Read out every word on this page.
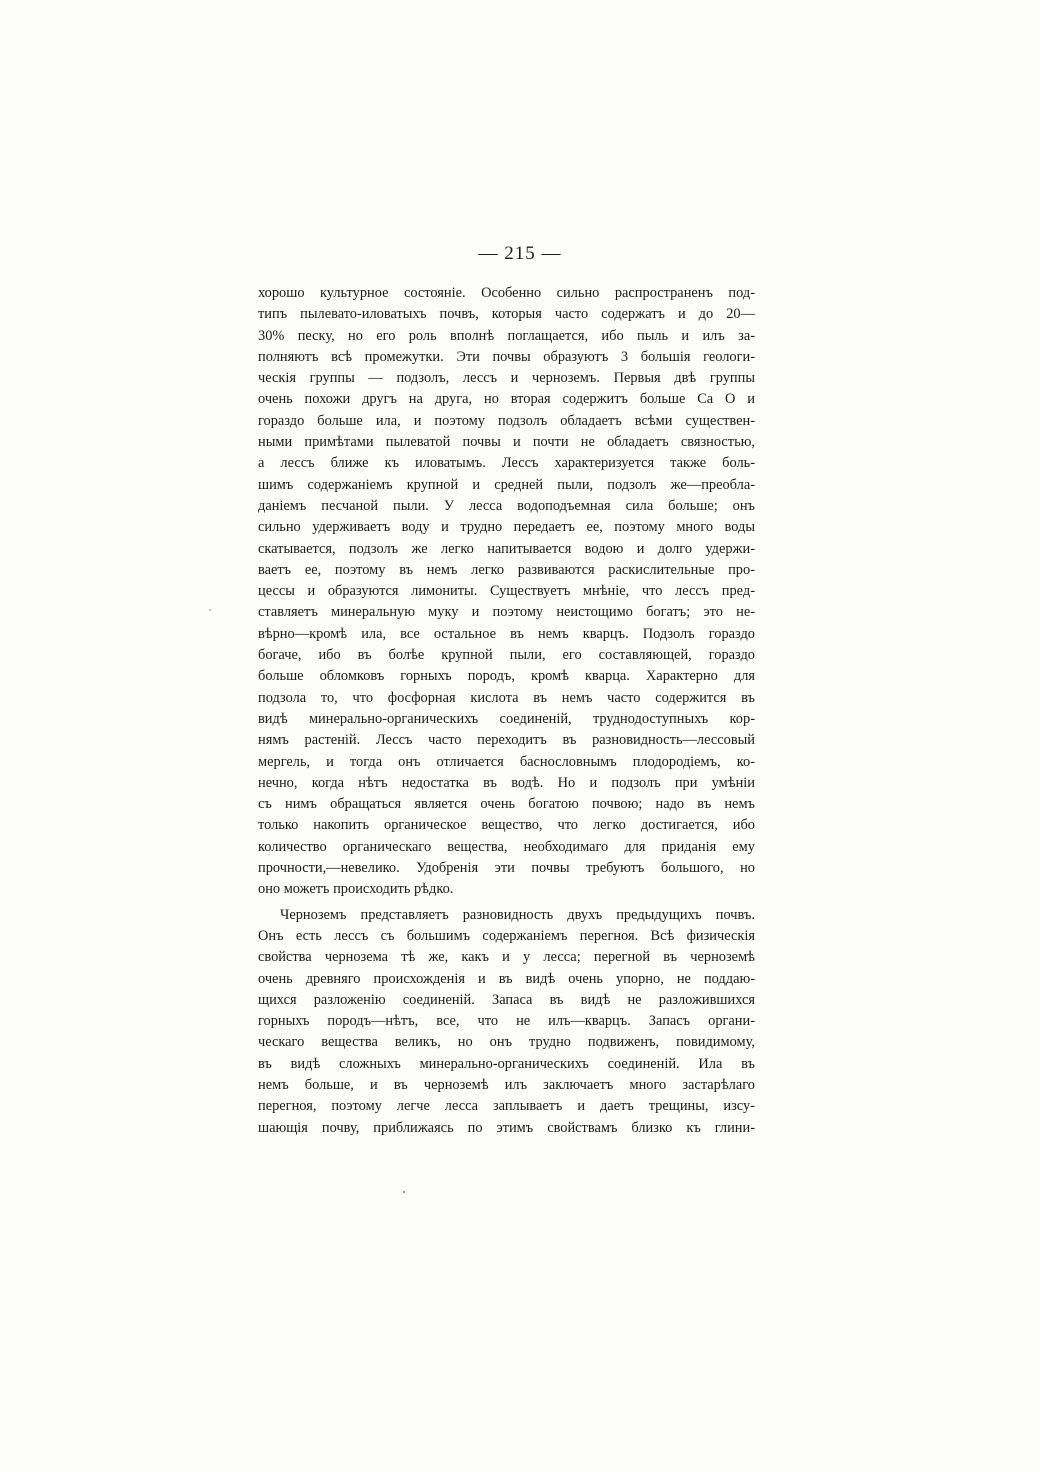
— 215 —
хорошо культурное состоянiе. Особенно сильно распространенъ под-
типъ пылевато-иловатыхъ почвъ, которыя часто содержатъ и до 20—
30% песку, но его роль вполнѣ поглащается, ибо пыль и илъ за-
полняютъ всѣ промежутки. Эти почвы образуютъ 3 большiя геологи-
ческiя группы — подзолъ, лессъ и черноземъ. Первыя двѣ группы
очень похожи другъ на друга, но вторая содержитъ больше Са О и
гораздо больше ила, и поэтому подзолъ обладаетъ всѣми существен-
ными примѣтами пылеватой почвы и почти не обладаетъ связностью,
а лессъ ближе къ иловатымъ. Лессъ характеризуется также боль-
шимъ содержанiемъ крупной и средней пыли, подзолъ же—преобла-
данiемъ песчаной пыли. У лесса водоподъемная сила больше; онъ
сильно удерживаетъ воду и трудно передаетъ ее, поэтому много воды
скатывается, подзолъ же легко напитывается водою и долго удержи-
ваетъ ее, поэтому въ немъ легко развиваются раскислительные про-
цессы и образуются лимониты. Существуетъ мнѣнiе, что лессъ пред-
ставляетъ минеральную муку и поэтому неистощимо богатъ; это не-
вѣрно—кромѣ ила, все остальное въ немъ кварцъ. Подзолъ гораздо
богаче, ибо въ болѣе крупной пыли, его составляющей, гораздо
больше обломковъ горныхъ породъ, кромѣ кварца. Характерно для
подзола то, что фосфорная кислота въ немъ часто содержится въ
видѣ минерально-органическихъ соединенiй, труднодоступныхъ кор-
нямъ растенiй. Лессъ часто переходитъ въ разновидность—лессовый
мергель, и тогда онъ отличается баснословнымъ плодородiемъ, ко-
нечно, когда нѣтъ недостатка въ водѣ. Но и подзолъ при умѣнiи
съ нимъ обращаться является очень богатою почвою; надо въ немъ
только накопить органическое вещество, что легко достигается, ибо
количество органическаго вещества, необходимаго для приданiя ему
прочности,—невелико. Удобренiя эти почвы требуютъ большого, но
оно можетъ происходить рѣдко.
Черноземъ представляетъ разновидность двухъ предыдущихъ почвъ.
Онъ есть лессъ съ большимъ содержанiемъ перегноя. Всѣ физическiя
свойства чернозема тѣ же, какъ и у лесса; перегной въ черноземѣ
очень древняго происхожденiя и въ видѣ очень упорно, не поддаю-
щихся разложенiю соединенiй. Запаса въ видѣ не разложившихся
горныхъ породъ—нѣтъ, все, что не илъ—кварцъ. Запасъ органи-
ческаго вещества великъ, но онъ трудно подвиженъ, повидимому,
въ видѣ сложныхъ минерально-органическихъ соединенiй. Ила въ
немъ больше, и въ черноземѣ илъ заключаетъ много застарѣлаго
перегноя, поэтому легче лесса заплываетъ и даетъ трещины, изсу-
шающiя почву, приближаясь по этимъ свойствамъ близко къ глини-
